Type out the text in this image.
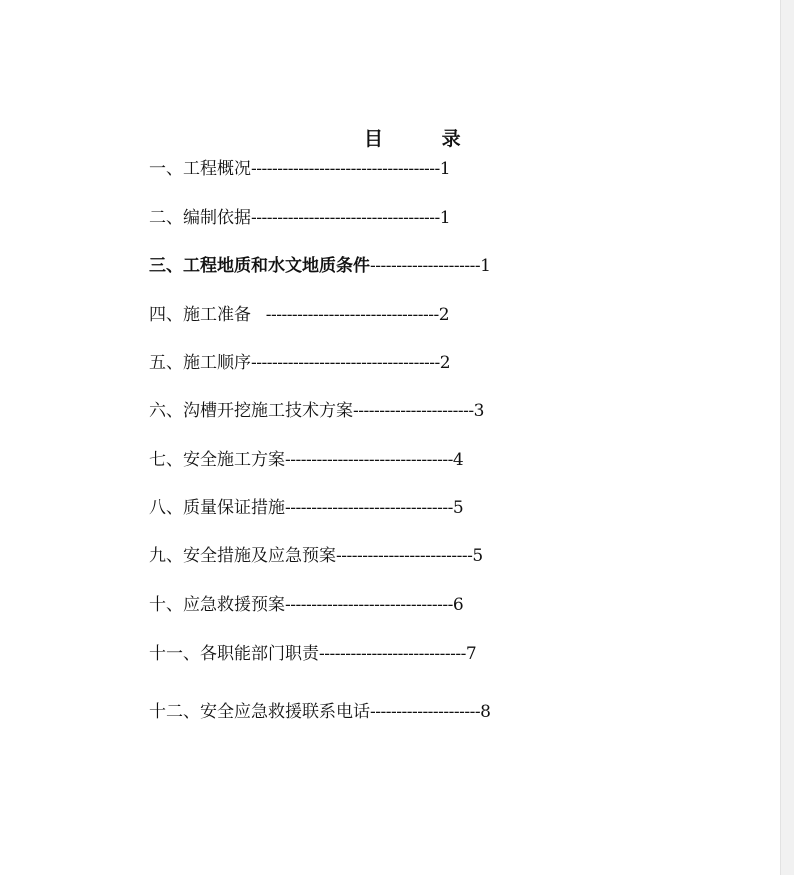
目 录
一、工程概况------------------------------------1
二、编制依据------------------------------------1
三、工程地质和水文地质条件---------------------1
四、施工准备   ---------------------------------2
五、施工顺序------------------------------------2
六、沟槽开挖施工技术方案-----------------------3
七、安全施工方案--------------------------------4
八、质量保证措施--------------------------------5
九、安全措施及应急预案--------------------------5
十、应急救援预案--------------------------------6
十一、各职能部门职责----------------------------7
十二、安全应急救援联系电话---------------------8
